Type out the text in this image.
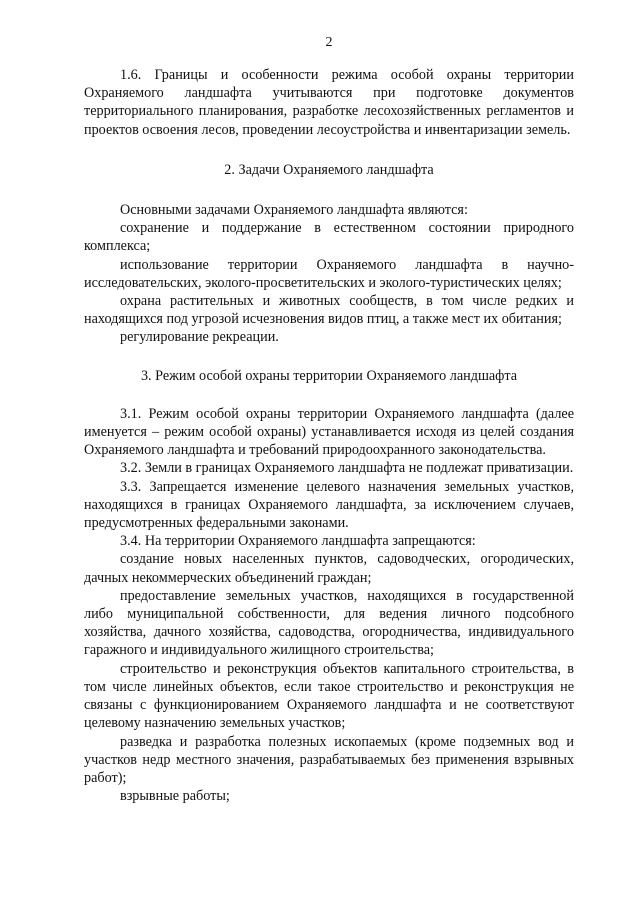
2

1.6. Границы и особенности режима особой охраны территории Охраняемого ландшафта учитываются при подготовке документов территориального планирования, разработке лесохозяйственных регламентов и проектов освоения лесов, проведении лесоустройства и инвентаризации земель.

2. Задачи Охраняемого ландшафта

Основными задачами Охраняемого ландшафта являются:

сохранение и поддержание в естественном состоянии природного комплекса;

использование территории Охраняемого ландшафта в научно-исследовательских, эколого-просветительских и эколого-туристических целях;

охрана растительных и животных сообществ, в том числе редких и находящихся под угрозой исчезновения видов птиц, а также мест их обитания;

регулирование рекреации.

3. Режим особой охраны территории Охраняемого ландшафта

3.1. Режим особой охраны территории Охраняемого ландшафта (далее именуется – режим особой охраны) устанавливается исходя из целей создания Охраняемого ландшафта и требований природоохранного законодательства.

3.2. Земли в границах Охраняемого ландшафта не подлежат приватизации.

3.3. Запрещается изменение целевого назначения земельных участков, находящихся в границах Охраняемого ландшафта, за исключением случаев, предусмотренных федеральными законами.

3.4. На территории Охраняемого ландшафта запрещаются:

создание новых населенных пунктов, садоводческих, огородических, дачных некоммерческих объединений граждан;

предоставление земельных участков, находящихся в государственной либо муниципальной собственности, для ведения личного подсобного хозяйства, дачного хозяйства, садоводства, огородничества, индивидуального гаражного и индивидуального жилищного строительства;

строительство и реконструкция объектов капитального строительства, в том числе линейных объектов, если такое строительство и реконструкция не связаны с функционированием Охраняемого ландшафта и не соответствуют целевому назначению земельных участков;

разведка и разработка полезных ископаемых (кроме подземных вод и участков недр местного значения, разрабатываемых без применения взрывных работ);

взрывные работы;
